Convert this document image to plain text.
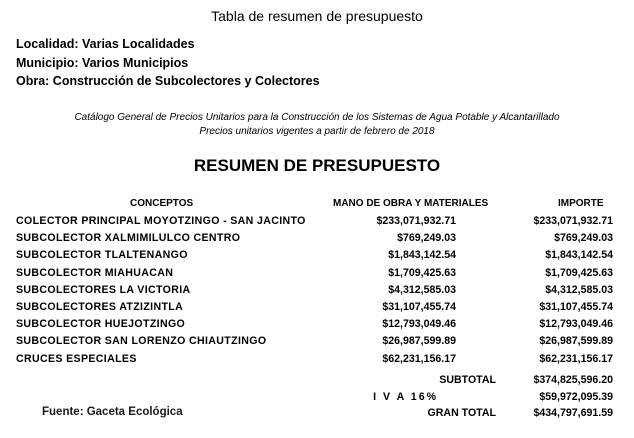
Tabla de resumen de presupuesto
Localidad: Varias Localidades
Municipio: Varios Municipios
Obra: Construcción de Subcolectores y Colectores
Catálogo General de Precios Unitarios para la Construcción de los Sistemas de Agua Potable y Alcantarillado
Precios unitarios vigentes a partir de febrero de 2018
RESUMEN DE PRESUPUESTO
CONCEPTOS	MANO DE OBRA Y MATERIALES	IMPORTE
COLECTOR PRINCIPAL MOYOTZINGO - SAN JACINTO	$233,071,932.71	$233,071,932.71
SUBCOLECTOR XALMIMILULCO CENTRO	$769,249.03	$769,249.03
SUBCOLECTOR TLALTENANGO	$1,843,142.54	$1,843,142.54
SUBCOLECTOR MIAHUACAN	$1,709,425.63	$1,709,425.63
SUBCOLECTORES LA VICTORIA	$4,312,585.03	$4,312,585.03
SUBCOLECTORES ATZIZINTLA	$31,107,455.74	$31,107,455.74
SUBCOLECTOR HUEJOTZINGO	$12,793,049.46	$12,793,049.46
SUBCOLECTOR SAN LORENZO CHIAUTZINGO	$26,987,599.89	$26,987,599.89
CRUCES ESPECIALES	$62,231,156.17	$62,231,156.17
SUBTOTAL	$374,825,596.20
I V A 16%	$59,972,095.39
GRAN TOTAL	$434,797,691.59
Fuente: Gaceta Ecológica
